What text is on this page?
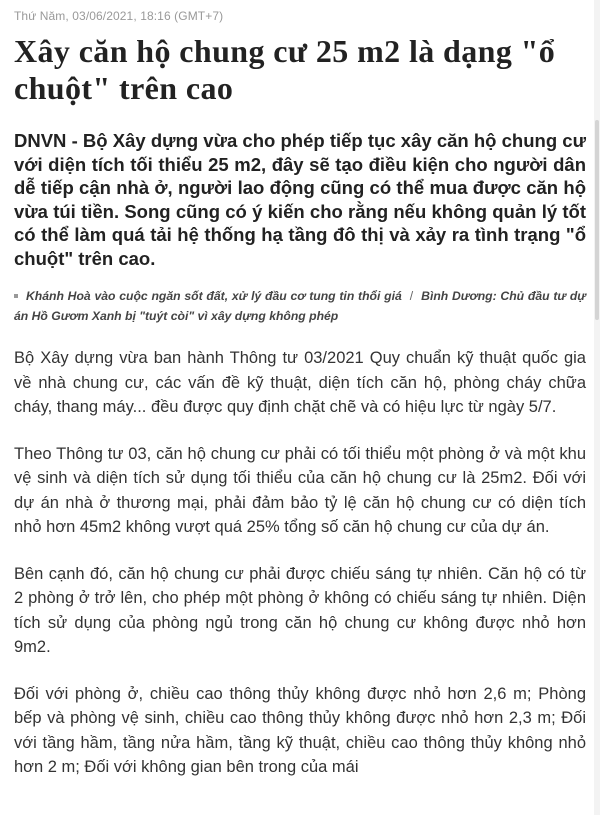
Thứ Năm, 03/06/2021, 18:16 (GMT+7)
Xây căn hộ chung cư 25 m2 là dạng "ổ chuột" trên cao
DNVN - Bộ Xây dựng vừa cho phép tiếp tục xây căn hộ chung cư với diện tích tối thiểu 25 m2, đây sẽ tạo điều kiện cho người dân dễ tiếp cận nhà ở, người lao động cũng có thể mua được căn hộ vừa túi tiền. Song cũng có ý kiến cho rằng nếu không quản lý tốt có thể làm quá tải hệ thống hạ tầng đô thị và xảy ra tình trạng "ổ chuột" trên cao.
Khánh Hoà vào cuộc ngăn sốt đất, xử lý đầu cơ tung tin thổi giá / Bình Dương: Chủ đầu tư dự án Hồ Gươm Xanh bị "tuýt còi" vì xây dựng không phép

Bộ Xây dựng vừa ban hành Thông tư 03/2021 Quy chuẩn kỹ thuật quốc gia về nhà chung cư, các vấn đề kỹ thuật, diện tích căn hộ, phòng cháy chữa cháy, thang máy... đều được quy định chặt chẽ và có hiệu lực từ ngày 5/7.

Theo Thông tư 03, căn hộ chung cư phải có tối thiểu một phòng ở và một khu vệ sinh và diện tích sử dụng tối thiểu của căn hộ chung cư là 25m2. Đối với dự án nhà ở thương mại, phải đảm bảo tỷ lệ căn hộ chung cư có diện tích nhỏ hơn 45m2 không vượt quá 25% tổng số căn hộ chung cư của dự án.

Bên cạnh đó, căn hộ chung cư phải được chiếu sáng tự nhiên. Căn hộ có từ 2 phòng ở trở lên, cho phép một phòng ở không có chiếu sáng tự nhiên. Diện tích sử dụng của phòng ngủ trong căn hộ chung cư không được nhỏ hơn 9m2.

Đối với phòng ở, chiều cao thông thủy không được nhỏ hơn 2,6 m; Phòng bếp và phòng vệ sinh, chiều cao thông thủy không được nhỏ hơn 2,3 m; Đối với tầng hầm, tầng nửa hầm, tầng kỹ thuật, chiều cao thông thủy không nhỏ hơn 2 m; Đối với không gian bên trong của mái
